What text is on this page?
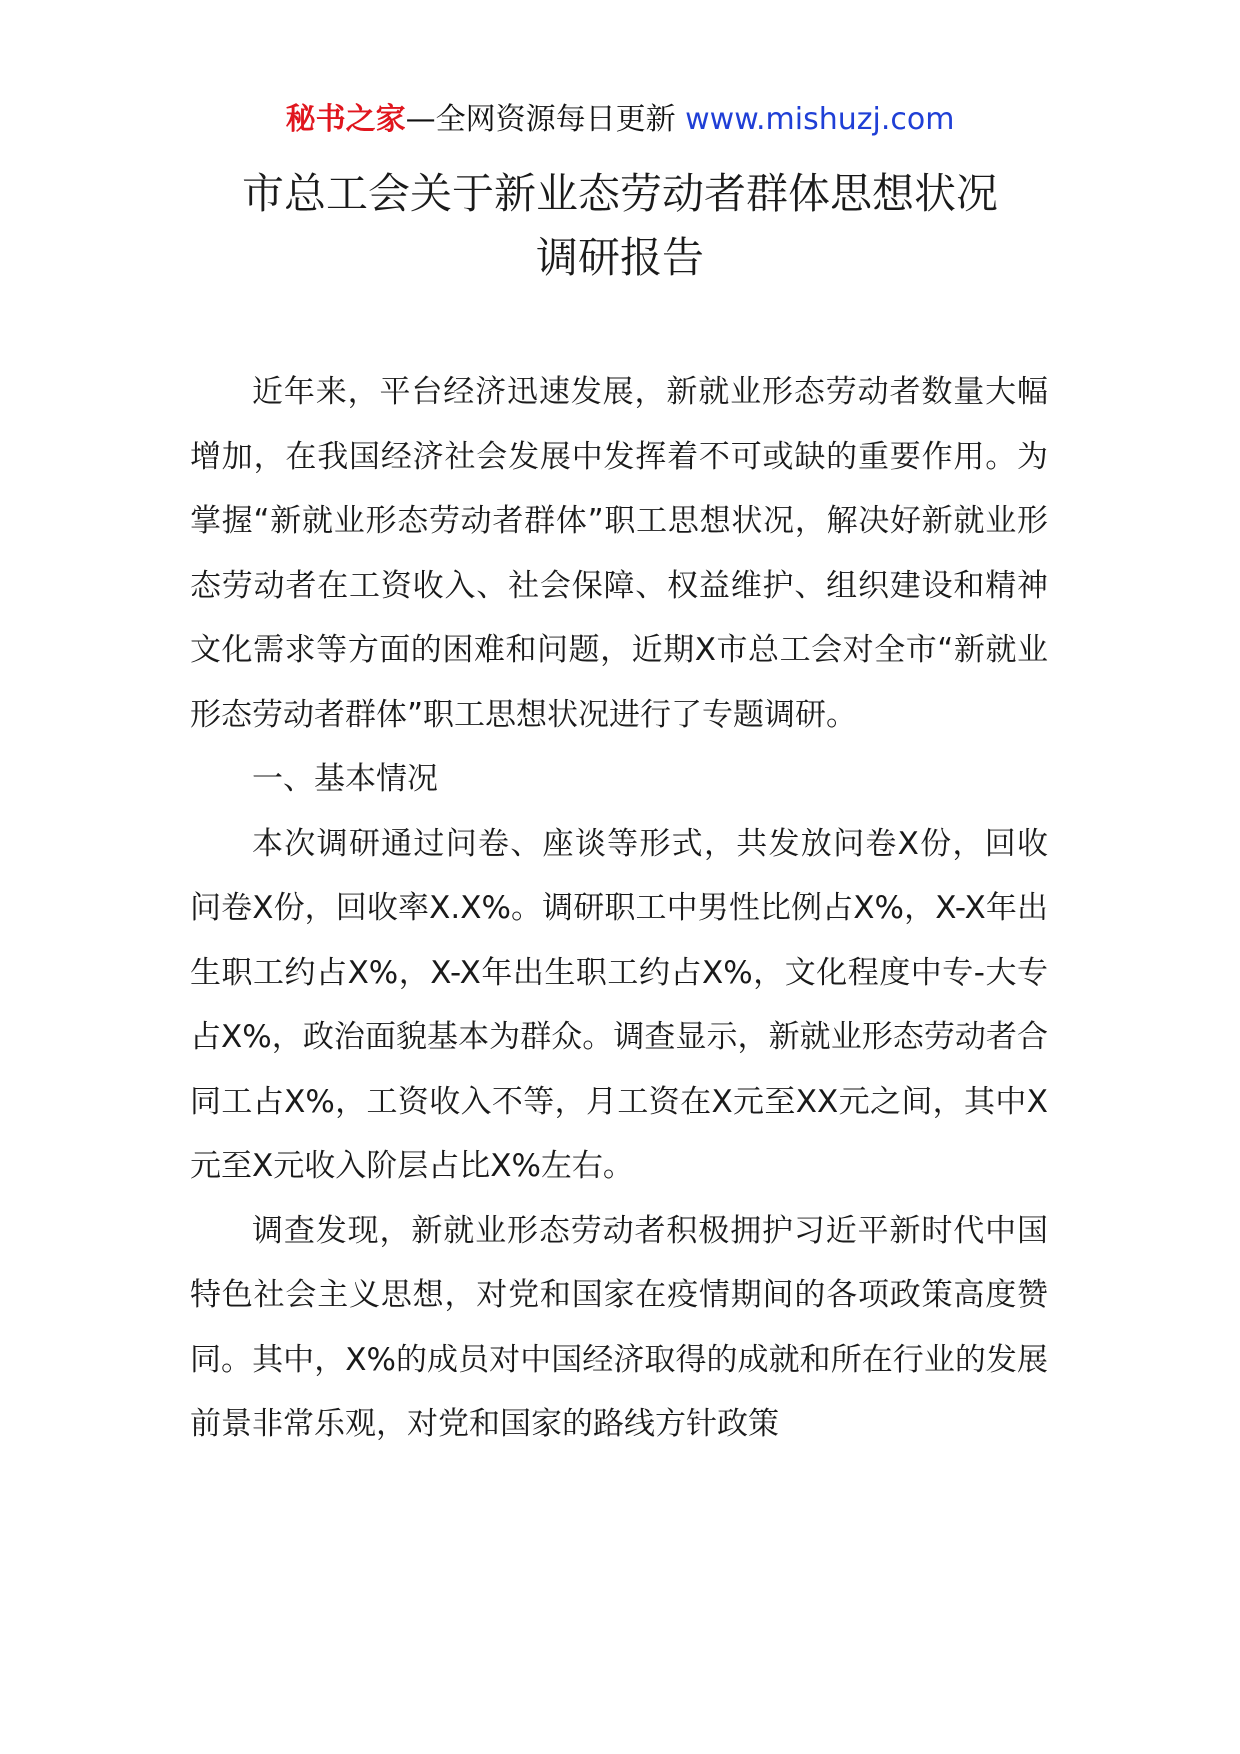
秘书之家—全网资源每日更新 www.mishuzj.com
市总工会关于新业态劳动者群体思想状况
调研报告

近年来，平台经济迅速发展，新就业形态劳动者数量大幅增加，在我国经济社会发展中发挥着不可或缺的重要作用。为掌握“新就业形态劳动者群体”职工思想状况，解决好新就业形态劳动者在工资收入、社会保障、权益维护、组织建设和精神文化需求等方面的困难和问题，近期X市总工会对全市“新就业形态劳动者群体”职工思想状况进行了专题调研。

一、基本情况

本次调研通过问卷、座谈等形式，共发放问卷X份，回收问卷X份，回收率X.X%。调研职工中男性比例占X%，X-X年出生职工约占X%，X-X年出生职工约占X%，文化程度中专-大专占X%，政治面貌基本为群众。调查显示，新就业形态劳动者合同工占X%，工资收入不等，月工资在X元至XX元之间，其中X元至X元收入阶层占比X%左右。

调查发现，新就业形态劳动者积极拥护习近平新时代中国特色社会主义思想，对党和国家在疫情期间的各项政策高度赞同。其中，X%的成员对中国经济取得的成就和所在行业的发展前景非常乐观，对党和国家的路线方针政策
